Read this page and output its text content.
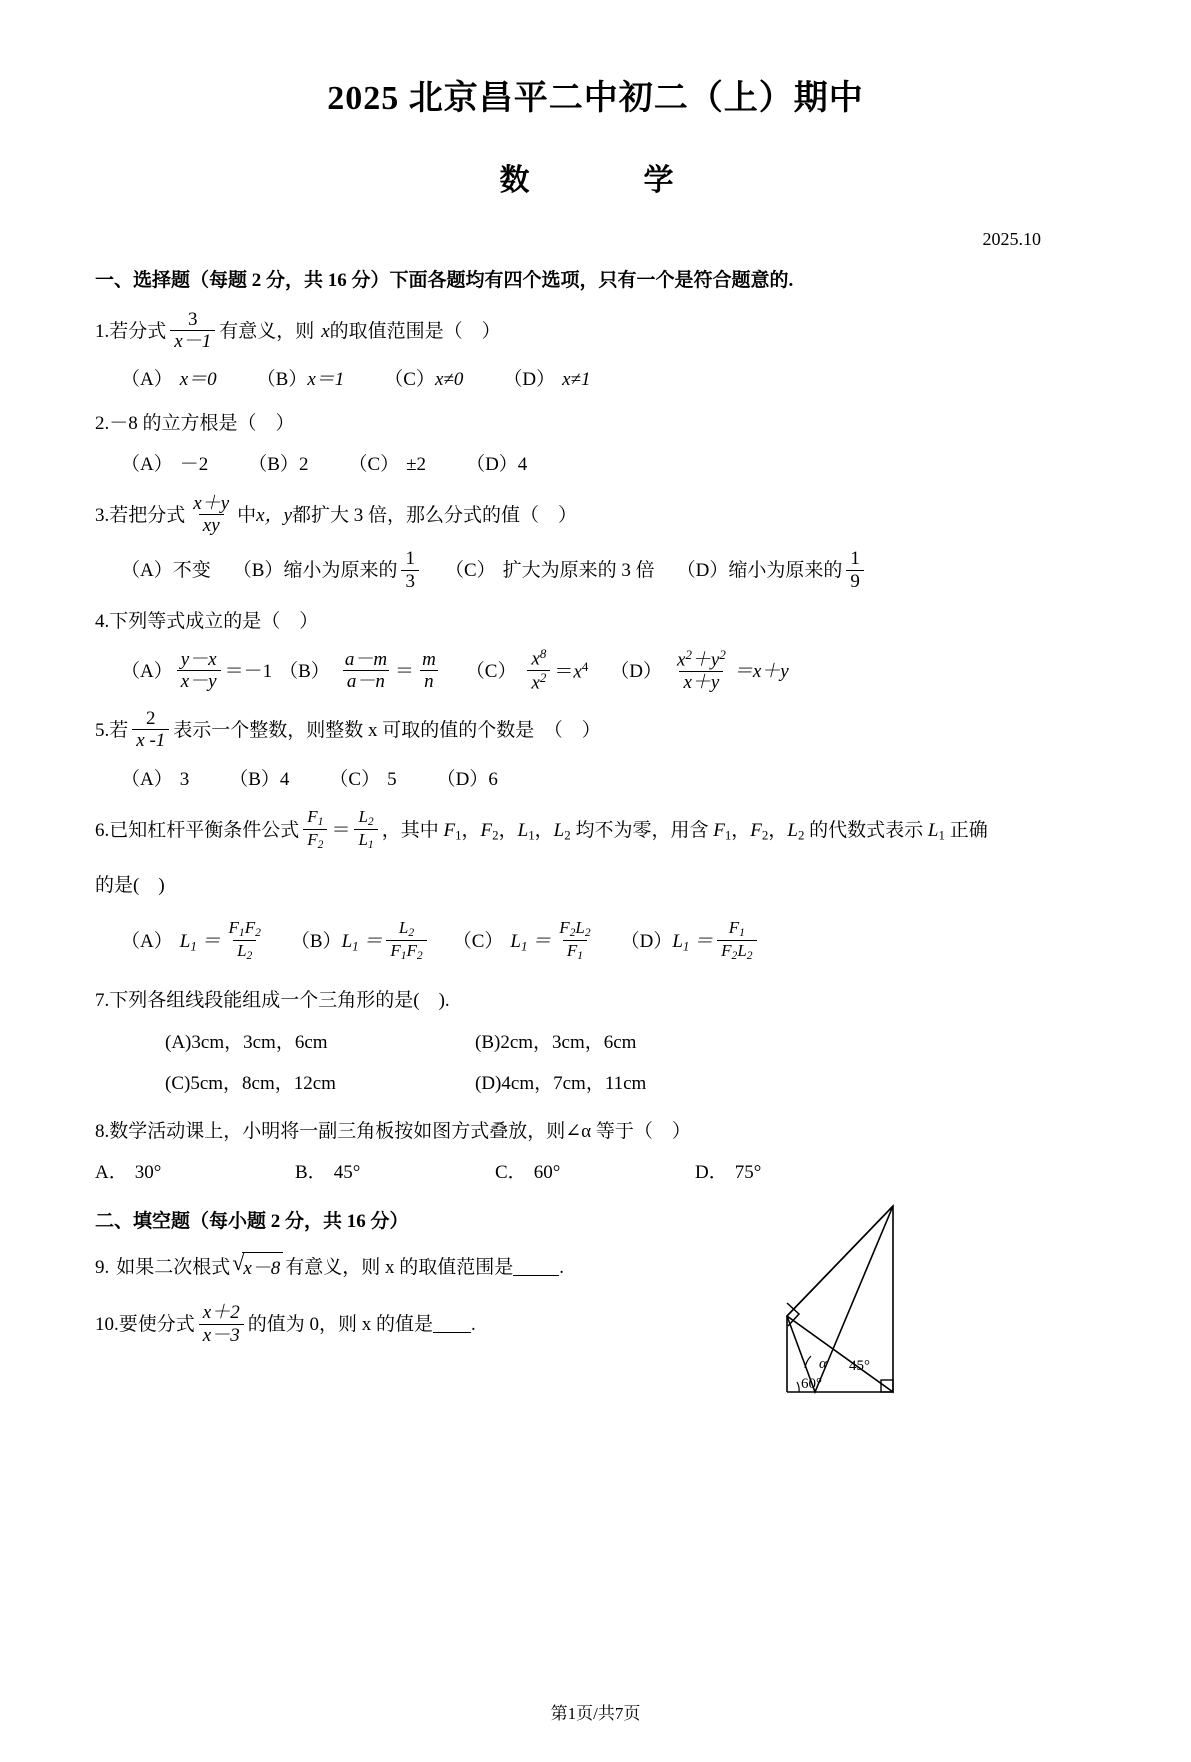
2025 北京昌平二中初二（上）期中
数　　学
2025.10
一、选择题（每题 2 分，共 16 分）下面各题均有四个选项，只有一个是符合题意的.
1. 若分式 $\frac{3}{x-1}$ 有意义，则 x 的取值范围是（　）
（A） x＝0 （B） x＝1 （C） x≠0 （D） x≠1
2. －8 的立方根是（　）
（A） －2 （B） 2 （C） ±2 （D） 4
3. 若把分式 $\frac{x+y}{xy}$ 中 x，y 都扩大 3 倍，那么分式的值（　）
（A） 不变 （B） 缩小为原来的 $\frac{1}{3} (C)$ 扩大为原来的 3 倍 （D） 缩小为原来的 $\frac{1}{9}$
4. 下列等式成立的是（　）
$(A) \frac{y-x}{x-y} =-1$ $(B) \frac{a-m}{a-n} = \frac{m}{n} (C) \frac{x^8}{x^2} =x^4$ $(D) \frac{x^2+y^2}{x+y} =x+y$
5. 若 $\frac{2}{x -1}$ 表示一个整数，则整数 x 可取的值的个数是　（　）
（A） 3 （B） 4 （C） 5 （D） 6
6. 已知杠杆平衡条件公式 $\frac{F_1}{F_2} = \frac{L_2}{L_1}$ ，其中 $F_1$，$F_2$，$L_1$，$L_2$ 均不为零，用含 $F_1$，$F_2$，$L_2$ 的代数式表示 $L_1$ 正确
的是(　)
（A） $L_1 = \frac{F_1F_2}{L_2} (B) L_1 = \frac{L_2}{F_1F_2} (C) L_1 = \frac{F_2L_2}{F_1} (D) L_1 = \frac{F_1}{F_2L_2}$
7. 下列各组线段能组成一个三角形的是(　).
(A) 3cm，3cm，6cm	(B) 2cm，3cm，6cm
(C) 5cm，8cm，12cm	(D) 4cm，7cm，11cm
8. 数学活动课上，小明将一副三角板按如图方式叠放，则∠α 等于（　）
A． 30°	B． 45°	C． 60°	D． 75°
二、填空题（每小题 2 分，共 16 分）
9. 如果二次根式 √ x－8 有意义，则 x 的取值范围是 .
10. 要使分式 $\frac{x+2}{x-3}$ 的值为 0，则 x 的值是 .
α 45°
60°
第1页/共7页
